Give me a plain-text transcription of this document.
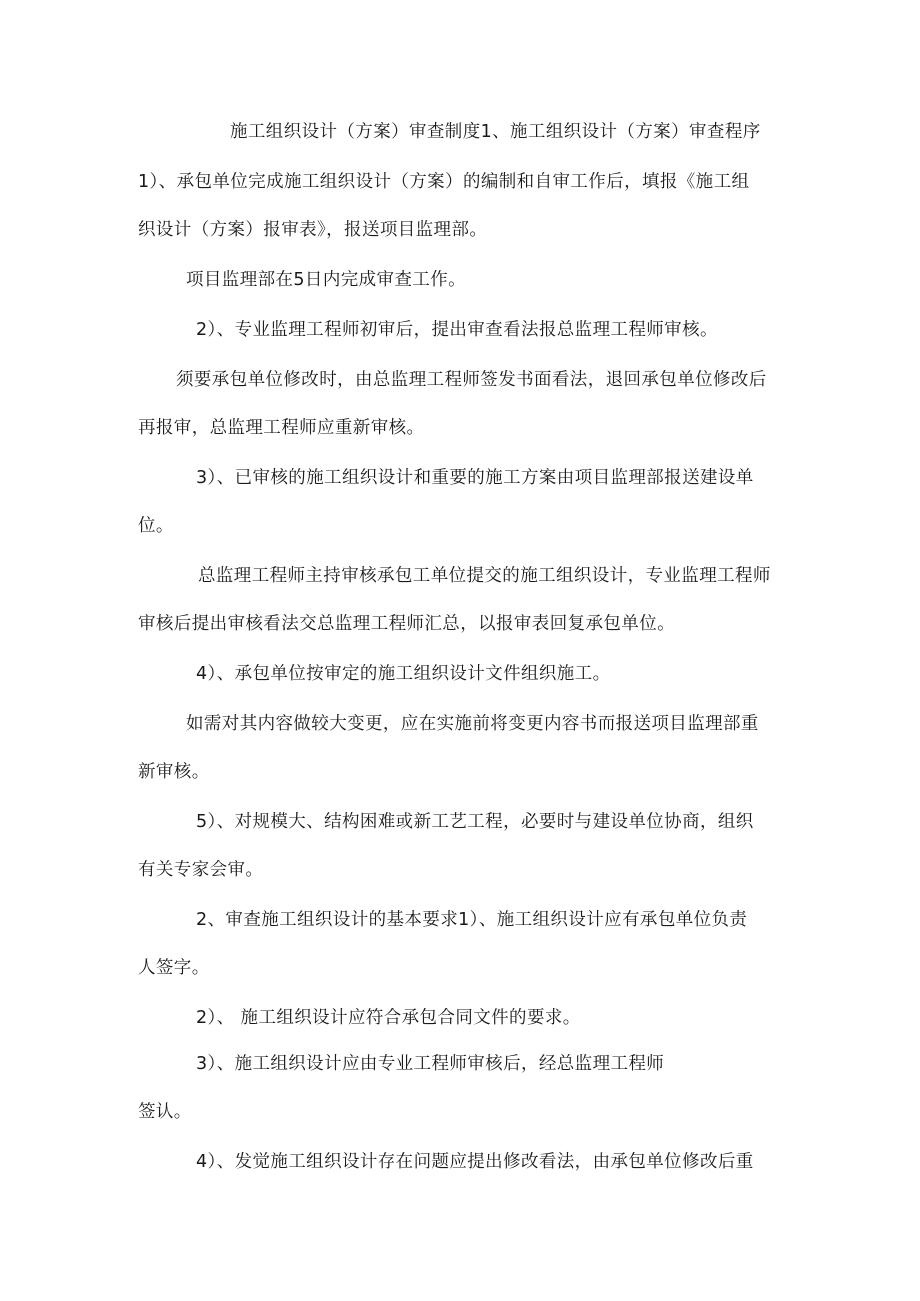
施工组织设计（方案）审查制度1、施工组织设计（方案）审查程序
1）、承包单位完成施工组织设计（方案）的编制和自审工作后，填报《施工组
织设计（方案）报审表》，报送项目监理部。
项目监理部在5日内完成审查工作。
2）、专业监理工程师初审后，提出审查看法报总监理工程师审核。
须要承包单位修改时，由总监理工程师签发书面看法，退回承包单位修改后
再报审，总监理工程师应重新审核。
3）、已审核的施工组织设计和重要的施工方案由项目监理部报送建设单
位。
总监理工程师主持审核承包工单位提交的施工组织设计，专业监理工程师
审核后提出审核看法交总监理工程师汇总，以报审表回复承包单位。
4）、承包单位按审定的施工组织设计文件组织施工。
如需对其内容做较大变更，应在实施前将变更内容书而报送项目监理部重
新审核。
5）、对规模大、结构困难或新工艺工程，必要时与建设单位协商，组织
有关专家会审。
2、审查施工组织设计的基本要求1）、施工组织设计应有承包单位负责
人签字。
2）、 施工组织设计应符合承包合同文件的要求。
3）、施工组织设计应由专业工程师审核后，经总监理工程师
签认。
4）、发觉施工组织设计存在问题应提出修改看法，由承包单位修改后重
